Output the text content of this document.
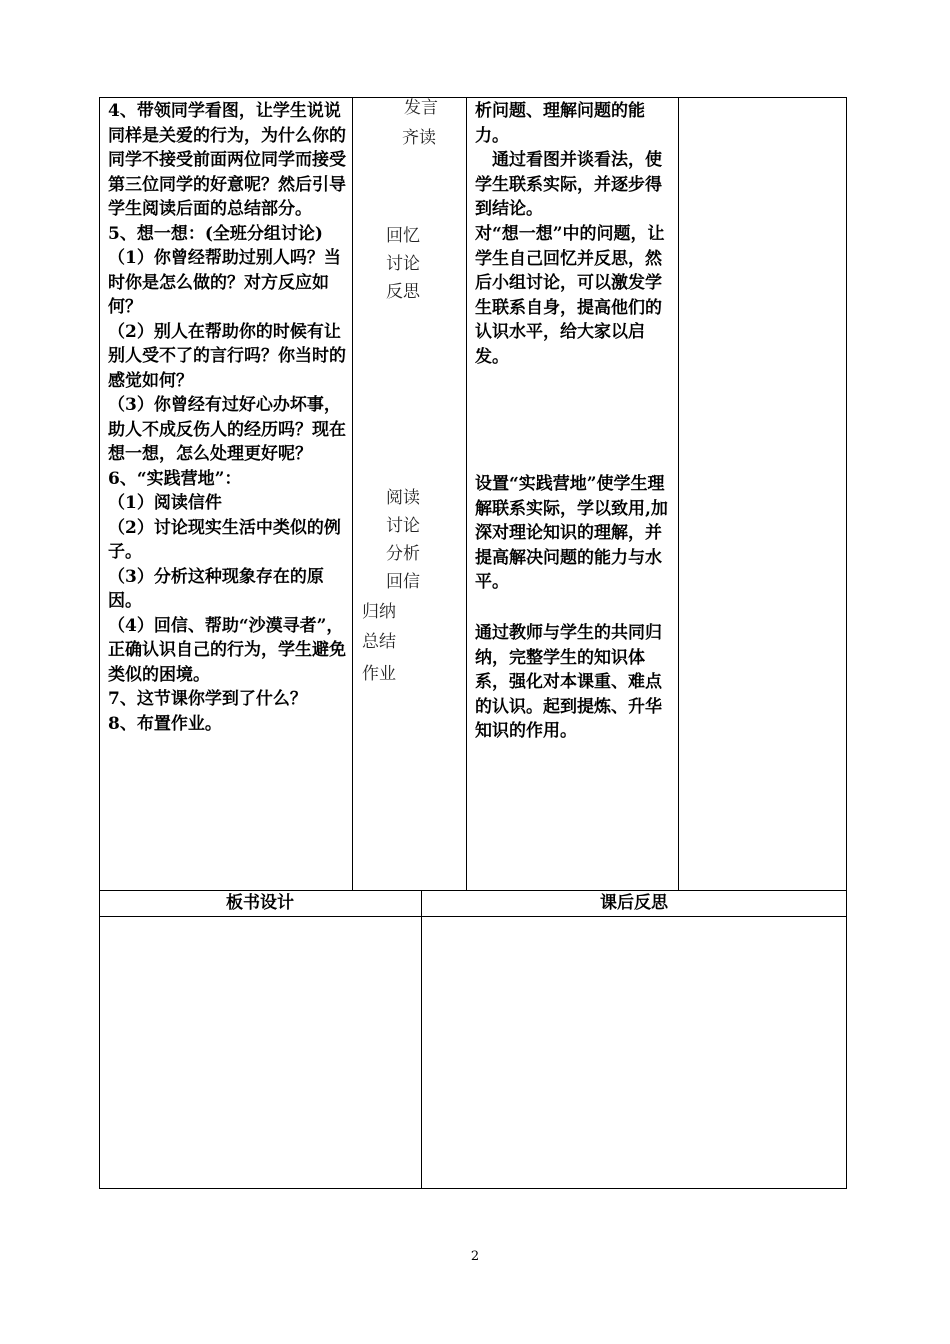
4、带领同学看图，让学生说说同样是关爱的行为，为什么你的同学不接受前面两位同学而接受第三位同学的好意呢？然后引导学生阅读后面的总结部分。

5、想一想：(全班分组讨论)

（1）你曾经帮助过别人吗？当时你是怎么做的？对方反应如何？

（2）别人在帮助你的时候有让别人受不了的言行吗？你当时的感觉如何？

（3）你曾经有过好心办坏事，助人不成反伤人的经历吗？现在想一想，怎么处理更好呢？

6、“实践营地”：

（1）阅读信件

（2）讨论现实生活中类似的例子。

（3）分析这种现象存在的原因。

（4）回信、帮助“沙漠寻者”，正确认识自己的行为，学生避免类似的困境。

7、这节课你学到了什么？

8、布置作业。

发言
齐读
回忆
讨论
反思
阅读
讨论
分析
回信
归纳
总结
作业
析问题、理解问题的能力。
通过看图并谈看法，使学生联系实际，并逐步得到结论。
对“想一想”中的问题，让学生自己回忆并反思，然后小组讨论，可以激发学生联系自身，提高他们的认识水平，给大家以启发。
设置“实践营地”使学生理解联系实际，学以致用,加深对理论知识的理解，并提高解决问题的能力与水平。
通过教师与学生的共同归纳，完整学生的知识体系，强化对本课重、难点的认识。起到提炼、升华知识的作用。
板书设计	课后反思
2
